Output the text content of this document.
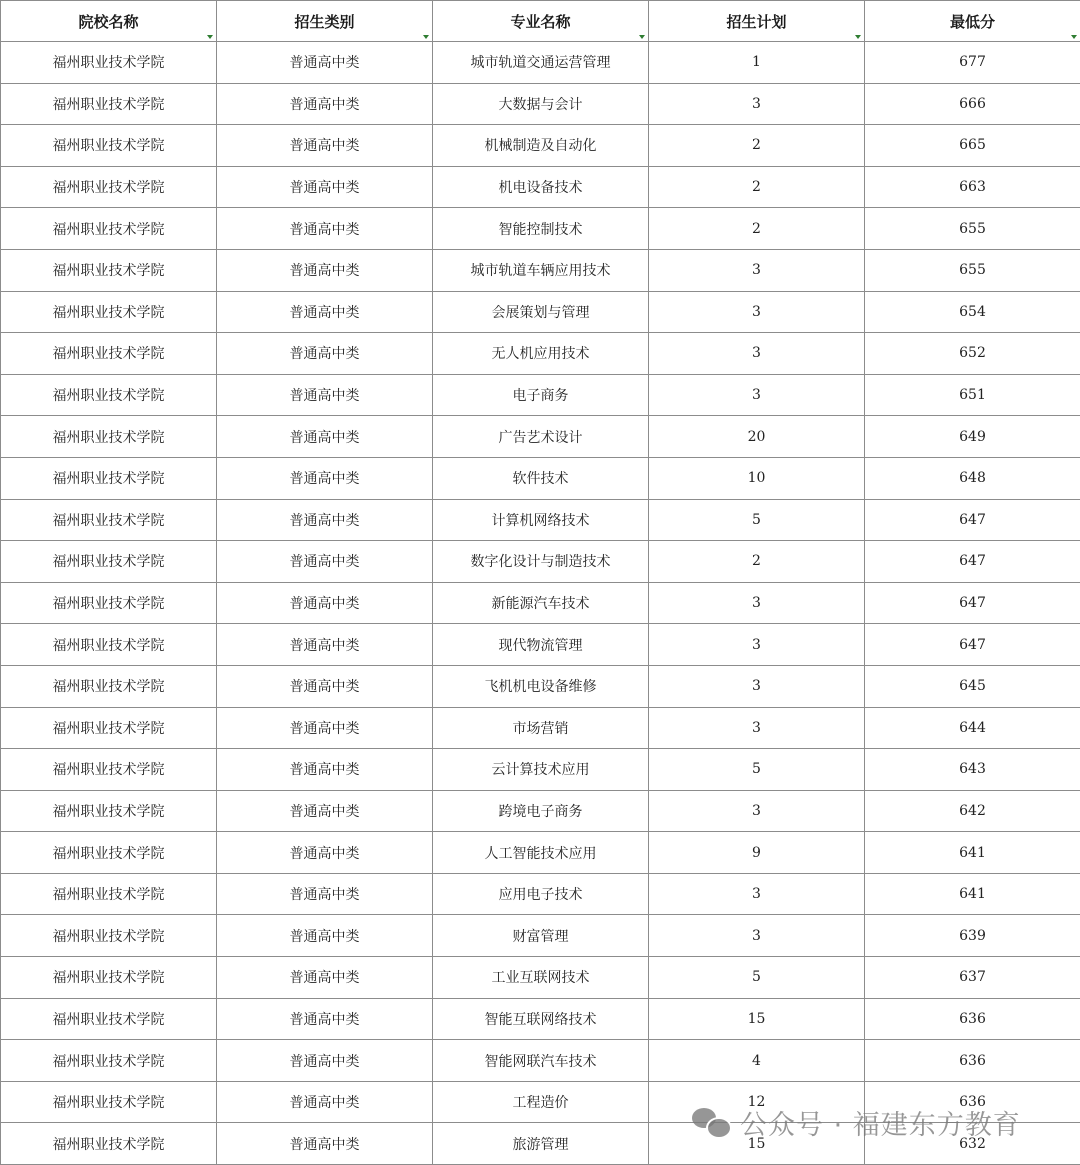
院校名称	招生类别	专业名称	招生计划	最低分

福州职业技术学院	普通高中类	城市轨道交通运营管理	1	677
福州职业技术学院	普通高中类	大数据与会计	3	666
福州职业技术学院	普通高中类	机械制造及自动化	2	665
福州职业技术学院	普通高中类	机电设备技术	2	663
福州职业技术学院	普通高中类	智能控制技术	2	655
福州职业技术学院	普通高中类	城市轨道车辆应用技术	3	655
福州职业技术学院	普通高中类	会展策划与管理	3	654
福州职业技术学院	普通高中类	无人机应用技术	3	652
福州职业技术学院	普通高中类	电子商务	3	651
福州职业技术学院	普通高中类	广告艺术设计	20	649
福州职业技术学院	普通高中类	软件技术	10	648
福州职业技术学院	普通高中类	计算机网络技术	5	647
福州职业技术学院	普通高中类	数字化设计与制造技术	2	647
福州职业技术学院	普通高中类	新能源汽车技术	3	647
福州职业技术学院	普通高中类	现代物流管理	3	647
福州职业技术学院	普通高中类	飞机机电设备维修	3	645
福州职业技术学院	普通高中类	市场营销	3	644
福州职业技术学院	普通高中类	云计算技术应用	5	643
福州职业技术学院	普通高中类	跨境电子商务	3	642
福州职业技术学院	普通高中类	人工智能技术应用	9	641
福州职业技术学院	普通高中类	应用电子技术	3	641
福州职业技术学院	普通高中类	财富管理	3	639
福州职业技术学院	普通高中类	工业互联网技术	5	637
福州职业技术学院	普通高中类	智能互联网络技术	15	636
福州职业技术学院	普通高中类	智能网联汽车技术	4	636
福州职业技术学院	普通高中类	工程造价	12	636
福州职业技术学院	普通高中类	旅游管理	15	632
公众号 · 福建东方教育
